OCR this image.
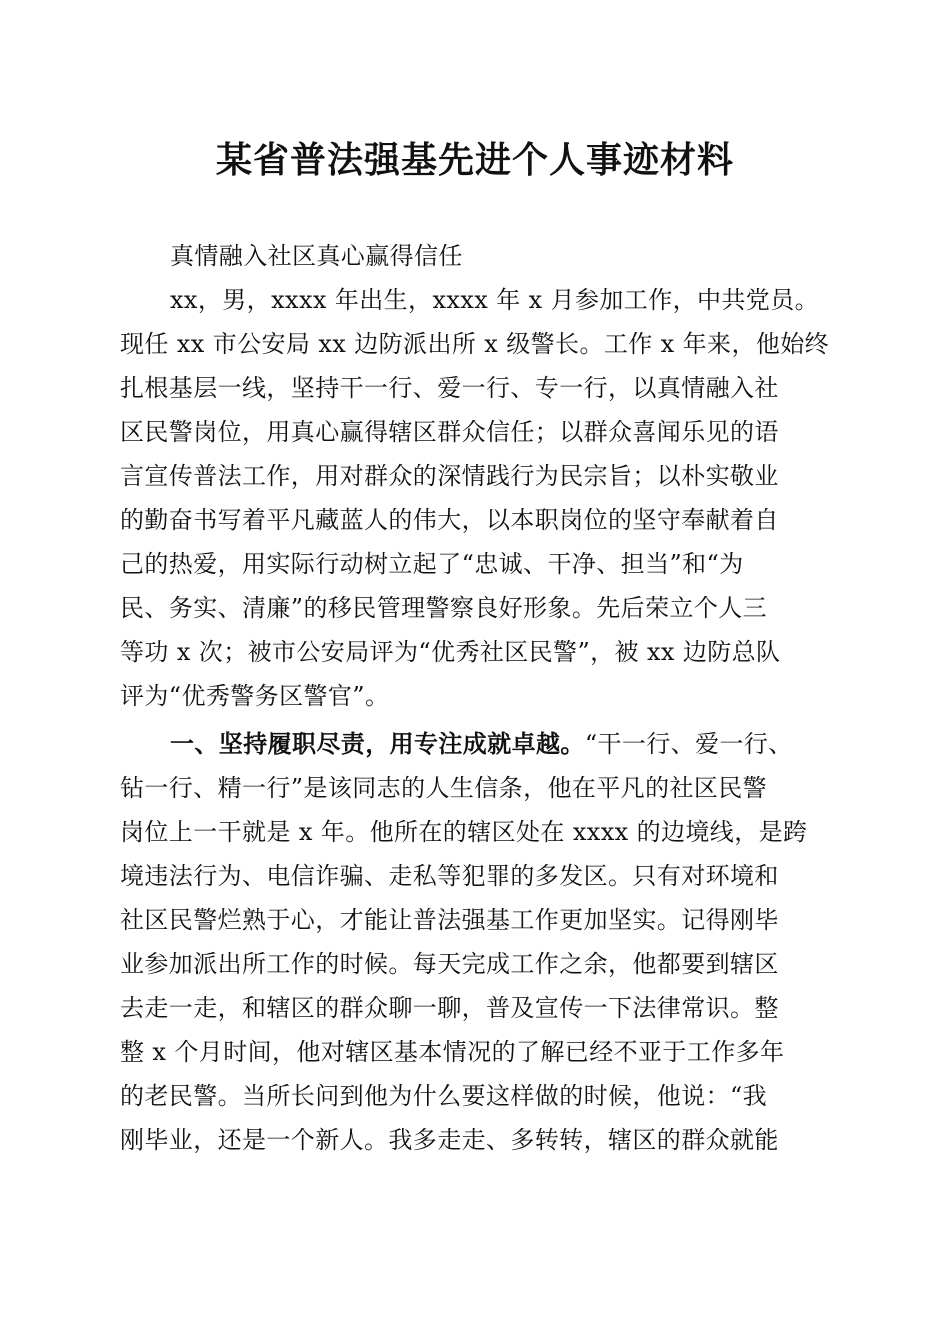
某省普法强基先进个人事迹材料
真情融入社区真心赢得信任
xx，男，xxxx 年出生，xxxx 年 x 月参加工作，中共党员。
现任 xx 市公安局 xx 边防派出所 x 级警长。工作 x 年来，他始终
扎根基层一线，坚持干一行、爱一行、专一行，以真情融入社
区民警岗位，用真心赢得辖区群众信任；以群众喜闻乐见的语
言宣传普法工作，用对群众的深情践行为民宗旨；以朴实敬业
的勤奋书写着平凡藏蓝人的伟大，以本职岗位的坚守奉献着自
己的热爱，用实际行动树立起了“忠诚、干净、担当”和“为
民、务实、清廉”的移民管理警察良好形象。先后荣立个人三
等功 x 次；被市公安局评为“优秀社区民警”，被 xx 边防总队
评为“优秀警务区警官”。
一、坚持履职尽责，用专注成就卓越。“干一行、爱一行、
钻一行、精一行”是该同志的人生信条，他在平凡的社区民警
岗位上一干就是 x 年。他所在的辖区处在 xxxx 的边境线，是跨
境违法行为、电信诈骗、走私等犯罪的多发区。只有对环境和
社区民警烂熟于心，才能让普法强基工作更加坚实。记得刚毕
业参加派出所工作的时候。每天完成工作之余，他都要到辖区
去走一走，和辖区的群众聊一聊，普及宣传一下法律常识。整
整 x 个月时间，他对辖区基本情况的了解已经不亚于工作多年
的老民警。当所长问到他为什么要这样做的时候，他说：“我
刚毕业，还是一个新人。我多走走、多转转，辖区的群众就能
